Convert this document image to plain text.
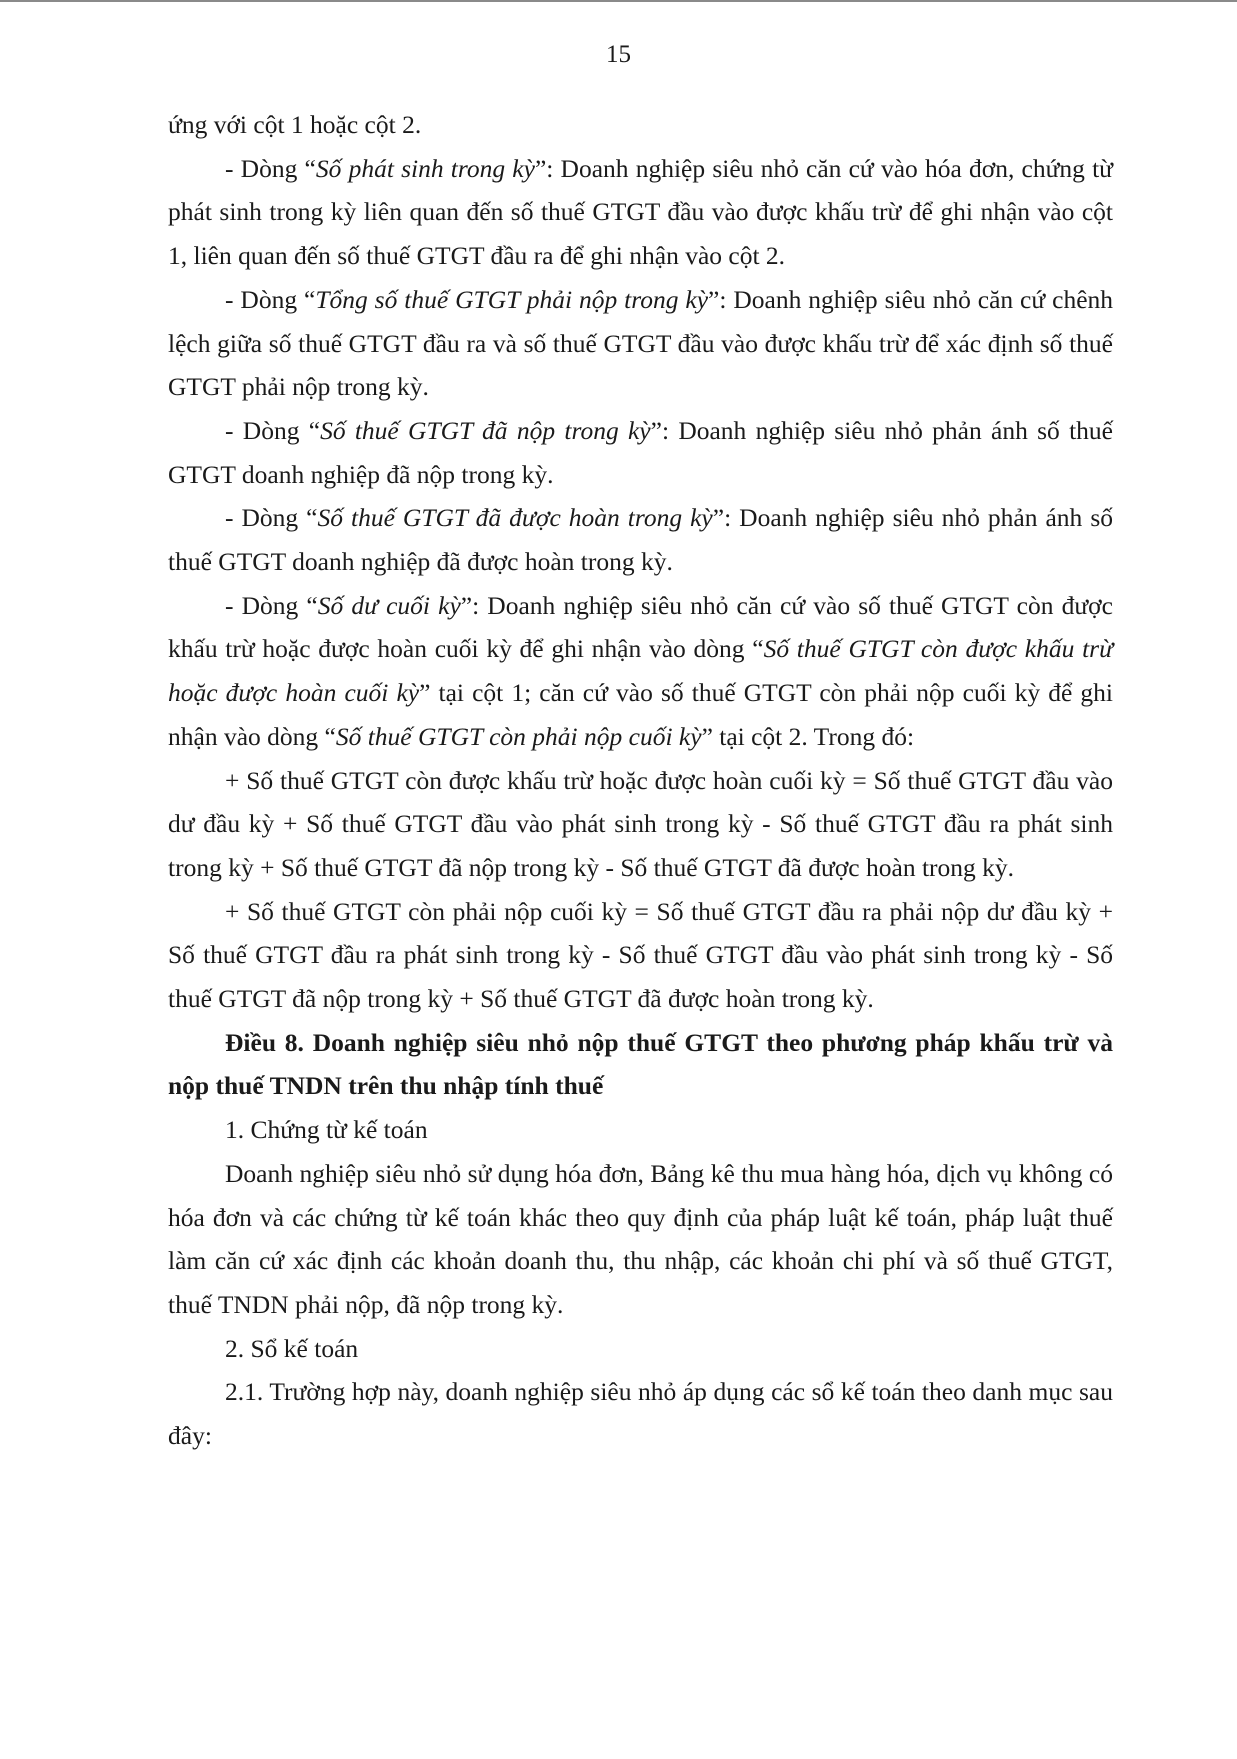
15

ứng với cột 1 hoặc cột 2.

- Dòng “Số phát sinh trong kỳ”: Doanh nghiệp siêu nhỏ căn cứ vào hóa đơn, chứng từ phát sinh trong kỳ liên quan đến số thuế GTGT đầu vào được khấu trừ để ghi nhận vào cột 1, liên quan đến số thuế GTGT đầu ra để ghi nhận vào cột 2.

- Dòng “Tổng số thuế GTGT phải nộp trong kỳ”: Doanh nghiệp siêu nhỏ căn cứ chênh lệch giữa số thuế GTGT đầu ra và số thuế GTGT đầu vào được khấu trừ để xác định số thuế GTGT phải nộp trong kỳ.

- Dòng “Số thuế GTGT đã nộp trong kỳ”: Doanh nghiệp siêu nhỏ phản ánh số thuế GTGT doanh nghiệp đã nộp trong kỳ.

- Dòng “Số thuế GTGT đã được hoàn trong kỳ”: Doanh nghiệp siêu nhỏ phản ánh số thuế GTGT doanh nghiệp đã được hoàn trong kỳ.

- Dòng “Số dư cuối kỳ”: Doanh nghiệp siêu nhỏ căn cứ vào số thuế GTGT còn được khấu trừ hoặc được hoàn cuối kỳ để ghi nhận vào dòng “Số thuế GTGT còn được khấu trừ hoặc được hoàn cuối kỳ” tại cột 1; căn cứ vào số thuế GTGT còn phải nộp cuối kỳ để ghi nhận vào dòng “Số thuế GTGT còn phải nộp cuối kỳ” tại cột 2. Trong đó:

+ Số thuế GTGT còn được khấu trừ hoặc được hoàn cuối kỳ = Số thuế GTGT đầu vào dư đầu kỳ + Số thuế GTGT đầu vào phát sinh trong kỳ - Số thuế GTGT đầu ra phát sinh trong kỳ + Số thuế GTGT đã nộp trong kỳ - Số thuế GTGT đã được hoàn trong kỳ.

+ Số thuế GTGT còn phải nộp cuối kỳ = Số thuế GTGT đầu ra phải nộp dư đầu kỳ + Số thuế GTGT đầu ra phát sinh trong kỳ - Số thuế GTGT đầu vào phát sinh trong kỳ - Số thuế GTGT đã nộp trong kỳ + Số thuế GTGT đã được hoàn trong kỳ.

Điều 8. Doanh nghiệp siêu nhỏ nộp thuế GTGT theo phương pháp khấu trừ và nộp thuế TNDN trên thu nhập tính thuế

1. Chứng từ kế toán

Doanh nghiệp siêu nhỏ sử dụng hóa đơn, Bảng kê thu mua hàng hóa, dịch vụ không có hóa đơn và các chứng từ kế toán khác theo quy định của pháp luật kế toán, pháp luật thuế làm căn cứ xác định các khoản doanh thu, thu nhập, các khoản chi phí và số thuế GTGT, thuế TNDN phải nộp, đã nộp trong kỳ.

2. Sổ kế toán

2.1. Trường hợp này, doanh nghiệp siêu nhỏ áp dụng các sổ kế toán theo danh mục sau đây:
